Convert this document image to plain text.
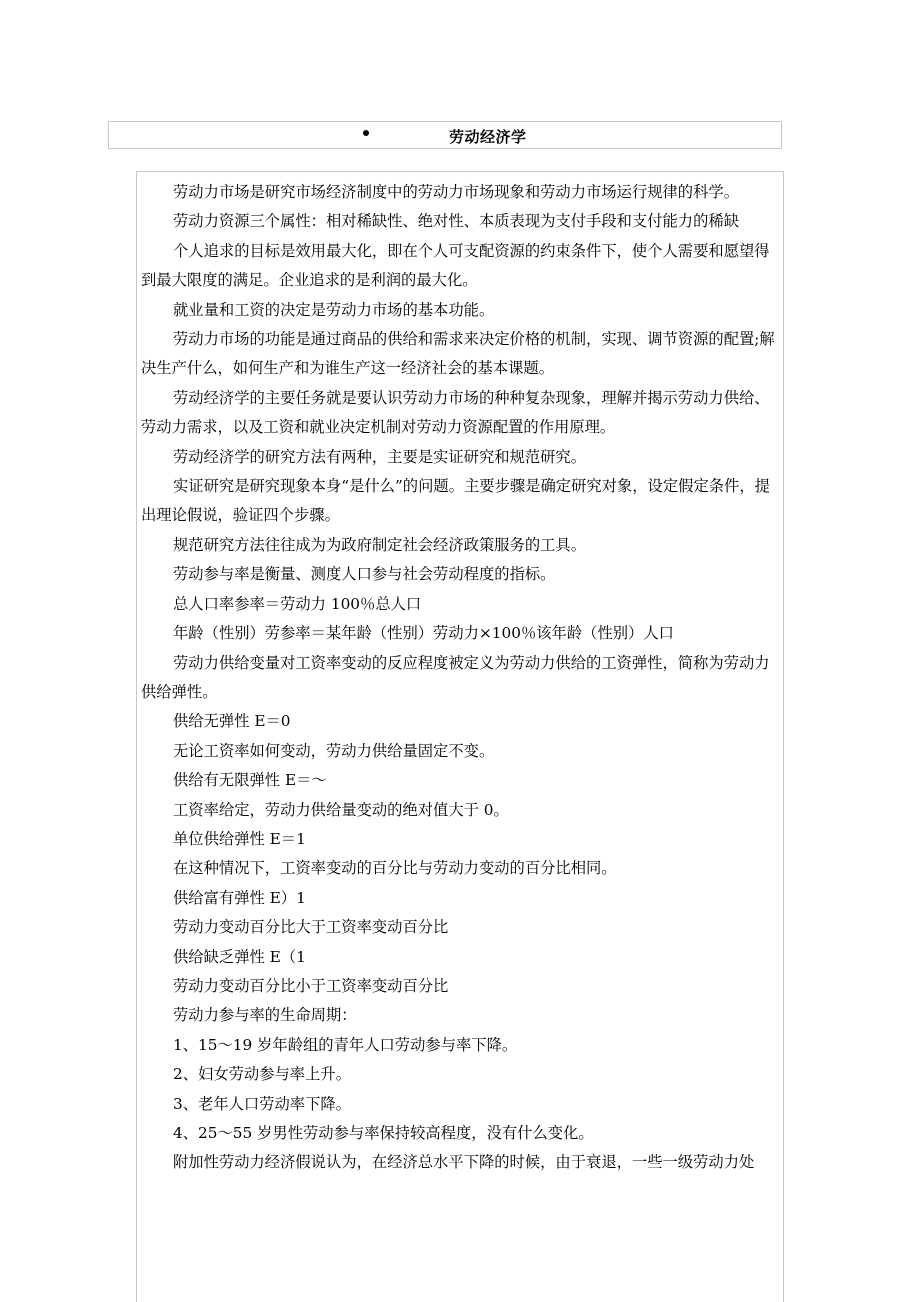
劳动经济学

劳动力市场是研究市场经济制度中的劳动力市场现象和劳动力市场运行规律的科学。

劳动力资源三个属性：相对稀缺性、绝对性、本质表现为支付手段和支付能力的稀缺

个人追求的目标是效用最大化，即在个人可支配资源的约束条件下，使个人需要和愿望得到最大限度的满足。企业追求的是利润的最大化。

就业量和工资的决定是劳动力市场的基本功能。

劳动力市场的功能是通过商品的供给和需求来决定价格的机制，实现、调节资源的配置;解决生产什么，如何生产和为谁生产这一经济社会的基本课题。

劳动经济学的主要任务就是要认识劳动力市场的种种复杂现象，理解并揭示劳动力供给、劳动力需求，以及工资和就业决定机制对劳动力资源配置的作用原理。

劳动经济学的研究方法有两种，主要是实证研究和规范研究。

实证研究是研究现象本身“是什么”的问题。主要步骤是确定研究对象，设定假定条件，提出理论假说，验证四个步骤。

规范研究方法往往成为为政府制定社会经济政策服务的工具。

劳动参与率是衡量、测度人口参与社会劳动程度的指标。

总人口率参率＝劳动力 100％总人口

年龄（性别）劳参率＝某年龄（性别）劳动力×100％该年龄（性别）人口

劳动力供给变量对工资率变动的反应程度被定义为劳动力供给的工资弹性，简称为劳动力供给弹性。

供给无弹性 E＝0

无论工资率如何变动，劳动力供给量固定不变。

供给有无限弹性 E＝～

工资率给定，劳动力供给量变动的绝对值大于 0。

单位供给弹性 E＝1

在这种情况下，工资率变动的百分比与劳动力变动的百分比相同。

供给富有弹性 E）1

劳动力变动百分比大于工资率变动百分比

供给缺乏弹性 E（1

劳动力变动百分比小于工资率变动百分比

劳动力参与率的生命周期：

1、15～19 岁年龄组的青年人口劳动参与率下降。

2、妇女劳动参与率上升。

3、老年人口劳动率下降。

4、25～55 岁男性劳动参与率保持较高程度，没有什么变化。

附加性劳动力经济假说认为，在经济总水平下降的时候，由于衰退，一些一级劳动力处
